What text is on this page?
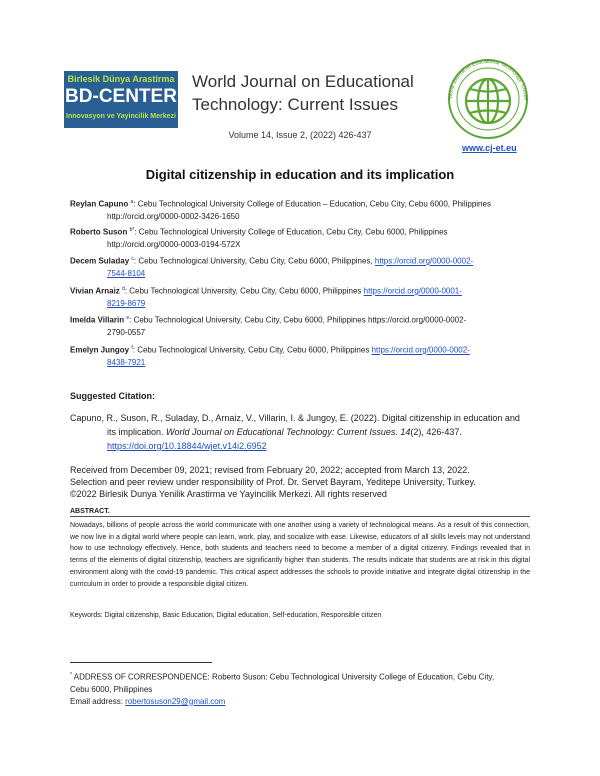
Birlesik Dünya Arastirma
BD-CENTER
Innovasyon ve Yayincilik Merkezi
World Journal on Educational
Technology: Current Issues
Volume 14, Issue 2, (2022) 426-437
World Journal on Educational Technology: Curren
www.cj-et.eu
Digital citizenship in education and its implication
Reylan Capuno $^a$: Cebu Technological University College of Education – Education, Cebu City, Cebu 6000, Philippines
http://orcid.org/0000-0002-3426-1650
Roberto Suson $^{b*}$: Cebu Technological University College of Education, Cebu City, Cebu 6000, Philippines
http://orcid.org/0000-0003-0194-572X
Decem Suladay $^c$: Cebu Technological University, Cebu City, Cebu 6000, Philippines, https://orcid.org/0000-0002-
7544-8104
Vivian Arnaiz $^d$: Cebu Technological University, Cebu City, Cebu 6000, Philippines https://orcid.org/0000-0001-
8219-8679
Imelda Villarin $^e$: Cebu Technological University, Cebu City, Cebu 6000, Philippines https://orcid.org/0000-0002-
2790-0557
Emelyn Jungoy $^f$: Cebu Technological University, Cebu City, Cebu 6000, Philippines https://orcid.org/0000-0002-
8438-7921
Suggested Citation:
Capuno, R., Suson, R., Suladay, D., Arnaiz, V., Villarin, I. & Jungoy, E. (2022). Digital citizenship in education and
its implication. World Journal on Educational Technology: Current Issues. 14(2), 426-437.
https://doi.org/10.18844/wjet.v14i2.6952
Received from December 09, 2021; revised from February 20, 2022; accepted from March 13, 2022.
Selection and peer review under responsibility of Prof. Dr. Servet Bayram, Yeditepe University, Turkey.
©2022 Birlesik Dunya Yenilik Arastirma ve Yayincilik Merkezi. All rights reserved
ABSTRACT.
Nowadays, billions of people across the world communicate with one another using a variety of technological means. As a result of this connection, we now live in a digital world where people can learn, work, play, and socialize with ease. Likewise, educators of all skills levels may not understand how to use technology effectively. Hence, both students and teachers need to become a member of a digital citizenry. Findings revealed that in terms of the elements of digital citizenship, teachers are significantly higher than students. The results indicate that students are at risk in this digital environment along with the covid-19 pandemic. This critical aspect addresses the schools to provide initiative and integrate digital citizenship in the curriculum in order to provide a responsible digital citizen.
Keywords: Digital citizenship, Basic Education, Digital education, Self-education, Responsible citizen
* ADDRESS OF CORRESPONDENCE: Roberto Suson: Cebu Technological University College of Education, Cebu City,
Cebu 6000, Philippines
Email address: robertosuson29@gmail.com
